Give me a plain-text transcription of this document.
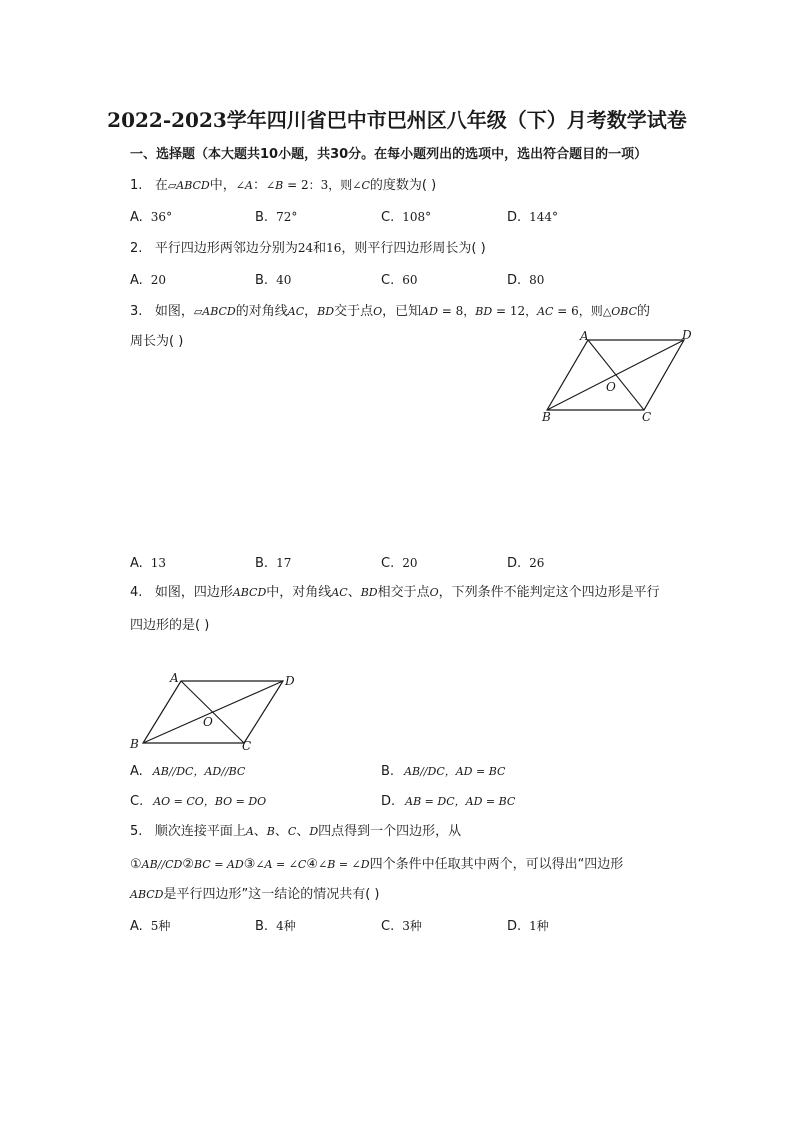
2022-2023学年四川省巴中市巴州区八年级（下）月考数学试卷
一、选择题（本大题共10小题，共30分。在每小题列出的选项中，选出符合题目的一项）
1. 在▱ABCD中，∠A：∠B = 2：3，则∠C的度数为( )
A. 36°	B. 72°	C. 108°	D. 144°
2. 平行四边形两邻边分别为24和16，则平行四边形周长为( )
A. 20	B. 40	C. 60	D. 80
3. 如图，▱ABCD的对角线AC，BD交于点O，已知AD = 8，BD = 12，AC = 6，则△OBC的
周长为( )	A	D
B	C
O
A. 13	B. 17	C. 20	D. 26
4. 如图，四边形ABCD中，对角线AC、BD相交于点O，下列条件不能判定这个四边形是平行
四边形的是( )
A	D
B	C
O
A. AB//DC，AD//BC	B. AB//DC，AD = BC
C. AO = CO，BO = DO	D. AB = DC，AD = BC
5. 顺次连接平面上A、B、C、D四点得到一个四边形，从
①AB//CD②BC = AD③∠A = ∠C④∠B = ∠D四个条件中任取其中两个，可以得出“四边形
ABCD是平行四边形”这一结论的情况共有( )
A. 5种	B. 4种	C. 3种	D. 1种
